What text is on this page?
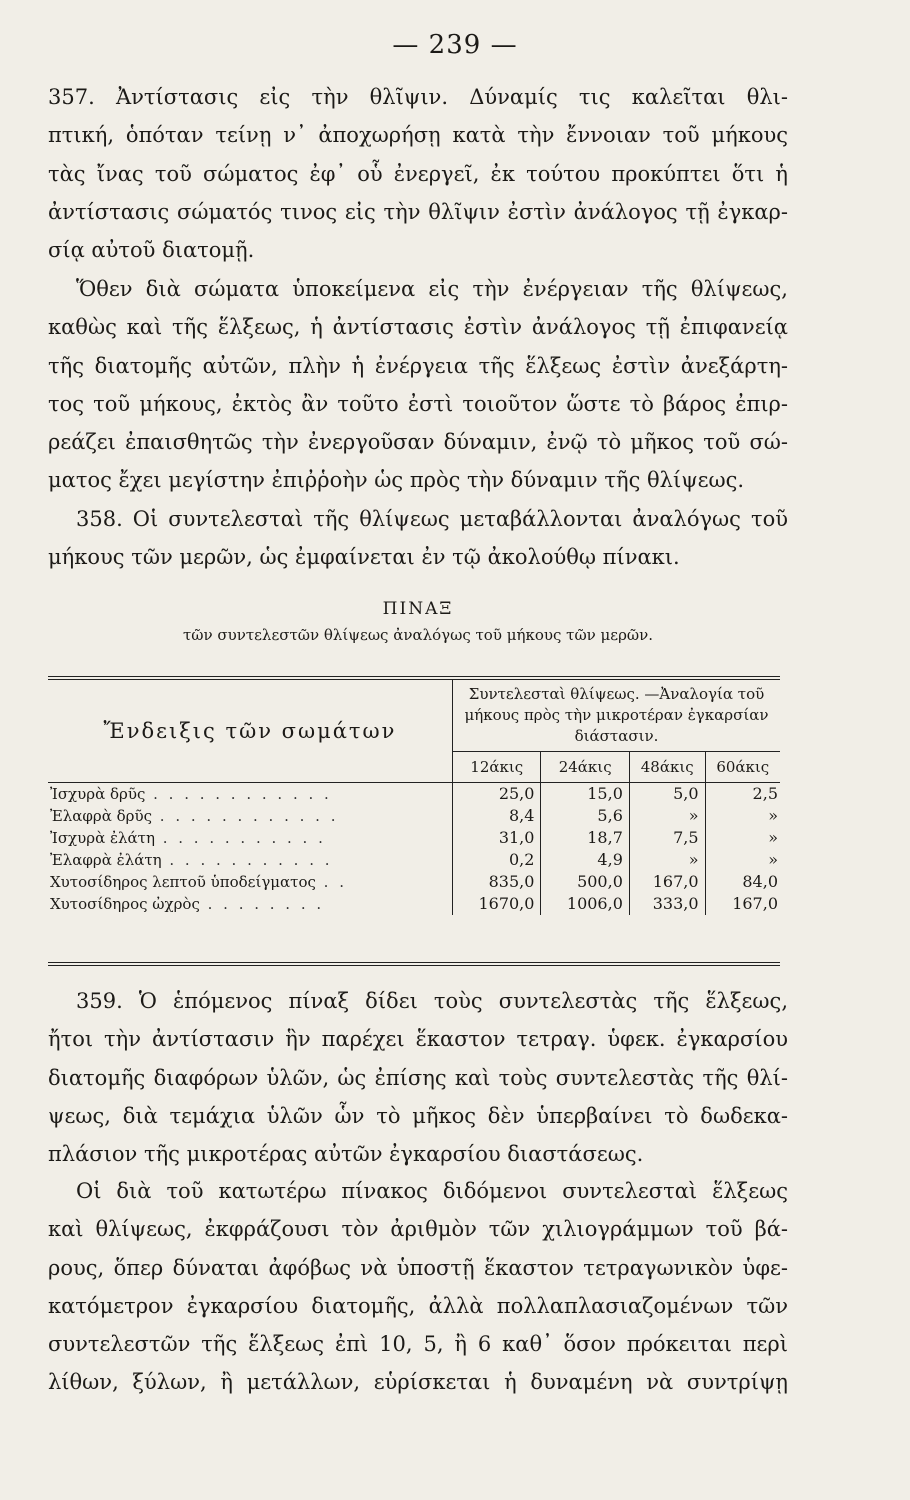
— 239 —
357. Ἀντίστασις εἰς τὴν θλῖψιν. Δύναμίς τις καλεῖται θλι-
πτική, ὁπόταν τείνῃ ν᾽ ἀποχωρήσῃ κατὰ τὴν ἔννοιαν τοῦ μήκους
τὰς ἴνας τοῦ σώματος ἐφ᾽ οὗ ἐνεργεῖ, ἐκ τούτου προκύπτει ὅτι ἡ
ἀντίστασις σώματός τινος εἰς τὴν θλῖψιν ἐστὶν ἀνάλογος τῇ ἐγκαρ-
σίᾳ αὐτοῦ διατομῇ.
Ὅθεν διὰ σώματα ὑποκείμενα εἰς τὴν ἐνέργειαν τῆς θλίψεως,
καθὼς καὶ τῆς ἕλξεως, ἡ ἀντίστασις ἐστὶν ἀνάλογος τῇ ἐπιφανείᾳ
τῆς διατομῆς αὐτῶν, πλὴν ἡ ἐνέργεια τῆς ἕλξεως ἐστὶν ἀνεξάρτη-
τος τοῦ μήκους, ἐκτὸς ἂν τοῦτο ἐστὶ τοιοῦτον ὥστε τὸ βάρος ἐπιρ-
ρεάζει ἐπαισθητῶς τὴν ἐνεργοῦσαν δύναμιν, ἐνῷ τὸ μῆκος τοῦ σώ-
ματος ἔχει μεγίστην ἐπιῤῥοὴν ὡς πρὸς τὴν δύναμιν τῆς θλίψεως.
358. Οἱ συντελεσταὶ τῆς θλίψεως μεταβάλλονται ἀναλόγως τοῦ
μήκους τῶν μερῶν, ὡς ἐμφαίνεται ἐν τῷ ἀκολούθῳ πίνακι.
ΠΙΝΑΞ
τῶν συντελεστῶν θλίψεως ἀναλόγως τοῦ μήκους τῶν μερῶν.
Ἔνδειξις τῶν σωμάτων	Συντελεσταὶ θλίψεως. —Ἀναλογία τοῦ μήκους πρὸς τὴν μικροτέραν ἐγκαρσίαν διάστασιν.			
	12άκις	24άκις	48άκις	60άκις
Ἰσχυρὰ δρῦς . . . . . . . . . . . .	25,0	15,0	5,0	2,5
Ἐλαφρὰ δρῦς . . . . . . . . . . . .	8,4	5,6	»	»
Ἰσχυρὰ ἐλάτη . . . . . . . . . . .	31,0	18,7	7,5	»
Ἐλαφρὰ ἐλάτη . . . . . . . . . . .	0,2	4,9	»	»
Χυτοσίδηρος λεπτοῦ ὑποδείγματος . .	835,0	500,0	167,0	84,0
Χυτοσίδηρος ὠχρὸς . . . . . . . .	1670,0	1006,0	333,0	167,0
359. Ὁ ἑπόμενος πίναξ δίδει τοὺς συντελεστὰς τῆς ἕλξεως,
ἤτοι τὴν ἀντίστασιν ἣν παρέχει ἕκαστον τετραγ. ὑφεκ. ἐγκαρσίου
διατομῆς διαφόρων ὑλῶν, ὡς ἐπίσης καὶ τοὺς συντελεστὰς τῆς θλί-
ψεως, διὰ τεμάχια ὑλῶν ὧν τὸ μῆκος δὲν ὑπερβαίνει τὸ δωδεκα-
πλάσιον τῆς μικροτέρας αὐτῶν ἐγκαρσίου διαστάσεως.
Οἱ διὰ τοῦ κατωτέρω πίνακος διδόμενοι συντελεσταὶ ἕλξεως
καὶ θλίψεως, ἐκφράζουσι τὸν ἀριθμὸν τῶν χιλιογράμμων τοῦ βά-
ρους, ὅπερ δύναται ἀφόβως νὰ ὑποστῇ ἕκαστον τετραγωνικὸν ὑφε-
κατόμετρον ἐγκαρσίου διατομῆς, ἀλλὰ πολλαπλασιαζομένων τῶν
συντελεστῶν τῆς ἕλξεως ἐπὶ 10, 5, ἢ 6 καθ᾽ ὅσον πρόκειται περὶ
λίθων, ξύλων, ἢ μετάλλων, εὑρίσκεται ἡ δυναμένη νὰ συντρίψῃ
